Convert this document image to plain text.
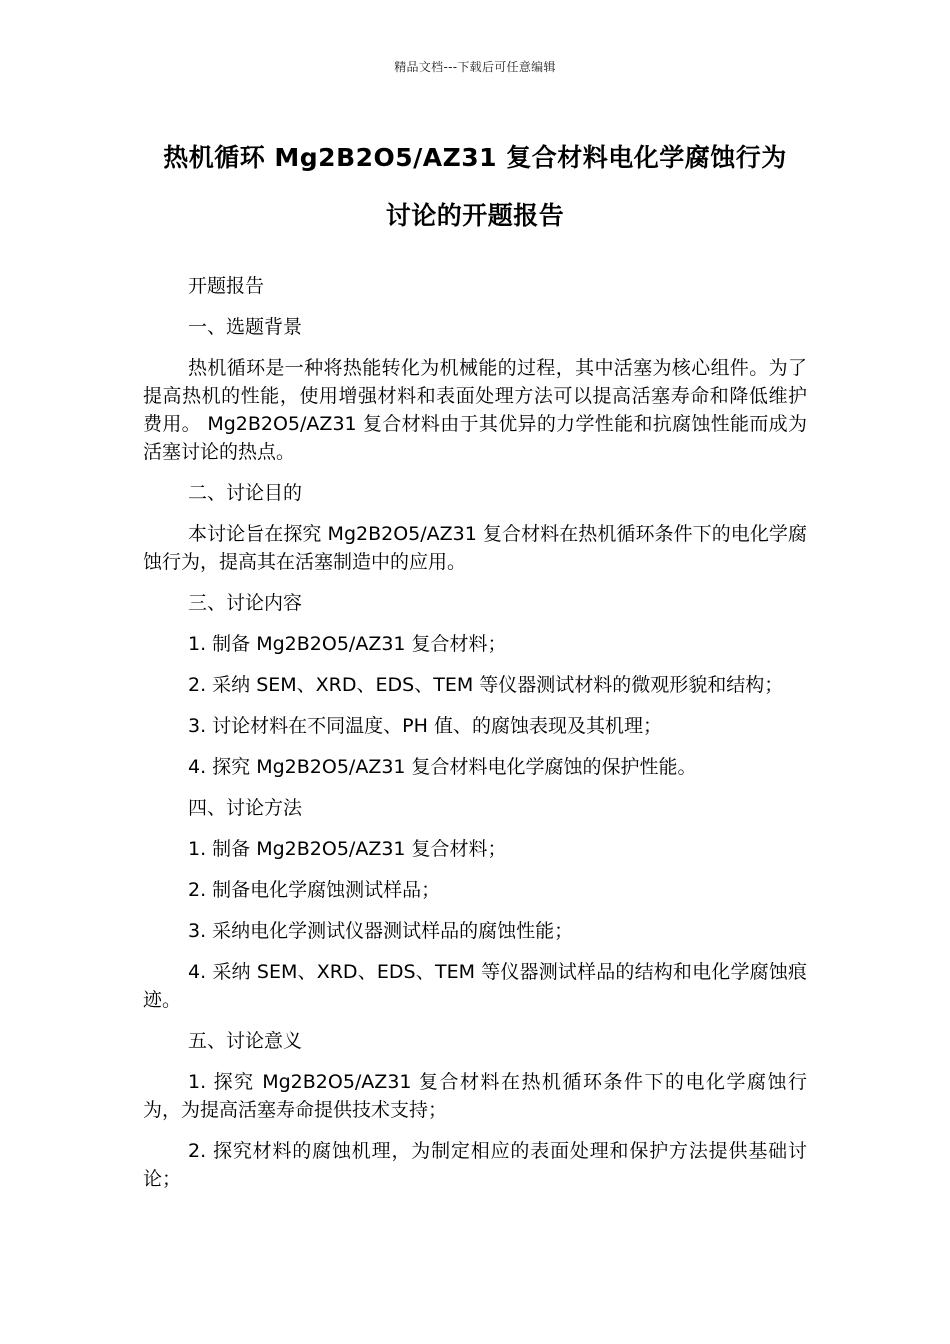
精品文档---下载后可任意编辑
热机循环 Mg2B2O5/AZ31 复合材料电化学腐蚀行为
讨论的开题报告

开题报告

一、选题背景

热机循环是一种将热能转化为机械能的过程，其中活塞为核心组件。为了提高热机的性能，使用增强材料和表面处理方法可以提高活塞寿命和降低维护费用。 Mg2B2O5/AZ31 复合材料由于其优异的力学性能和抗腐蚀性能而成为活塞讨论的热点。

二、讨论目的

本讨论旨在探究 Mg2B2O5/AZ31 复合材料在热机循环条件下的电化学腐蚀行为，提高其在活塞制造中的应用。

三、讨论内容

1. 制备 Mg2B2O5/AZ31 复合材料；

2. 采纳 SEM、XRD、EDS、TEM 等仪器测试材料的微观形貌和结构；

3. 讨论材料在不同温度、PH 值、的腐蚀表现及其机理；

4. 探究 Mg2B2O5/AZ31 复合材料电化学腐蚀的保护性能。

四、讨论方法

1. 制备 Mg2B2O5/AZ31 复合材料；

2. 制备电化学腐蚀测试样品；

3. 采纳电化学测试仪器测试样品的腐蚀性能；

4. 采纳 SEM、XRD、EDS、TEM 等仪器测试样品的结构和电化学腐蚀痕迹。

五、讨论意义

1. 探究 Mg2B2O5/AZ31 复合材料在热机循环条件下的电化学腐蚀行为，为提高活塞寿命提供技术支持；

2. 探究材料的腐蚀机理，为制定相应的表面处理和保护方法提供基础讨论；
